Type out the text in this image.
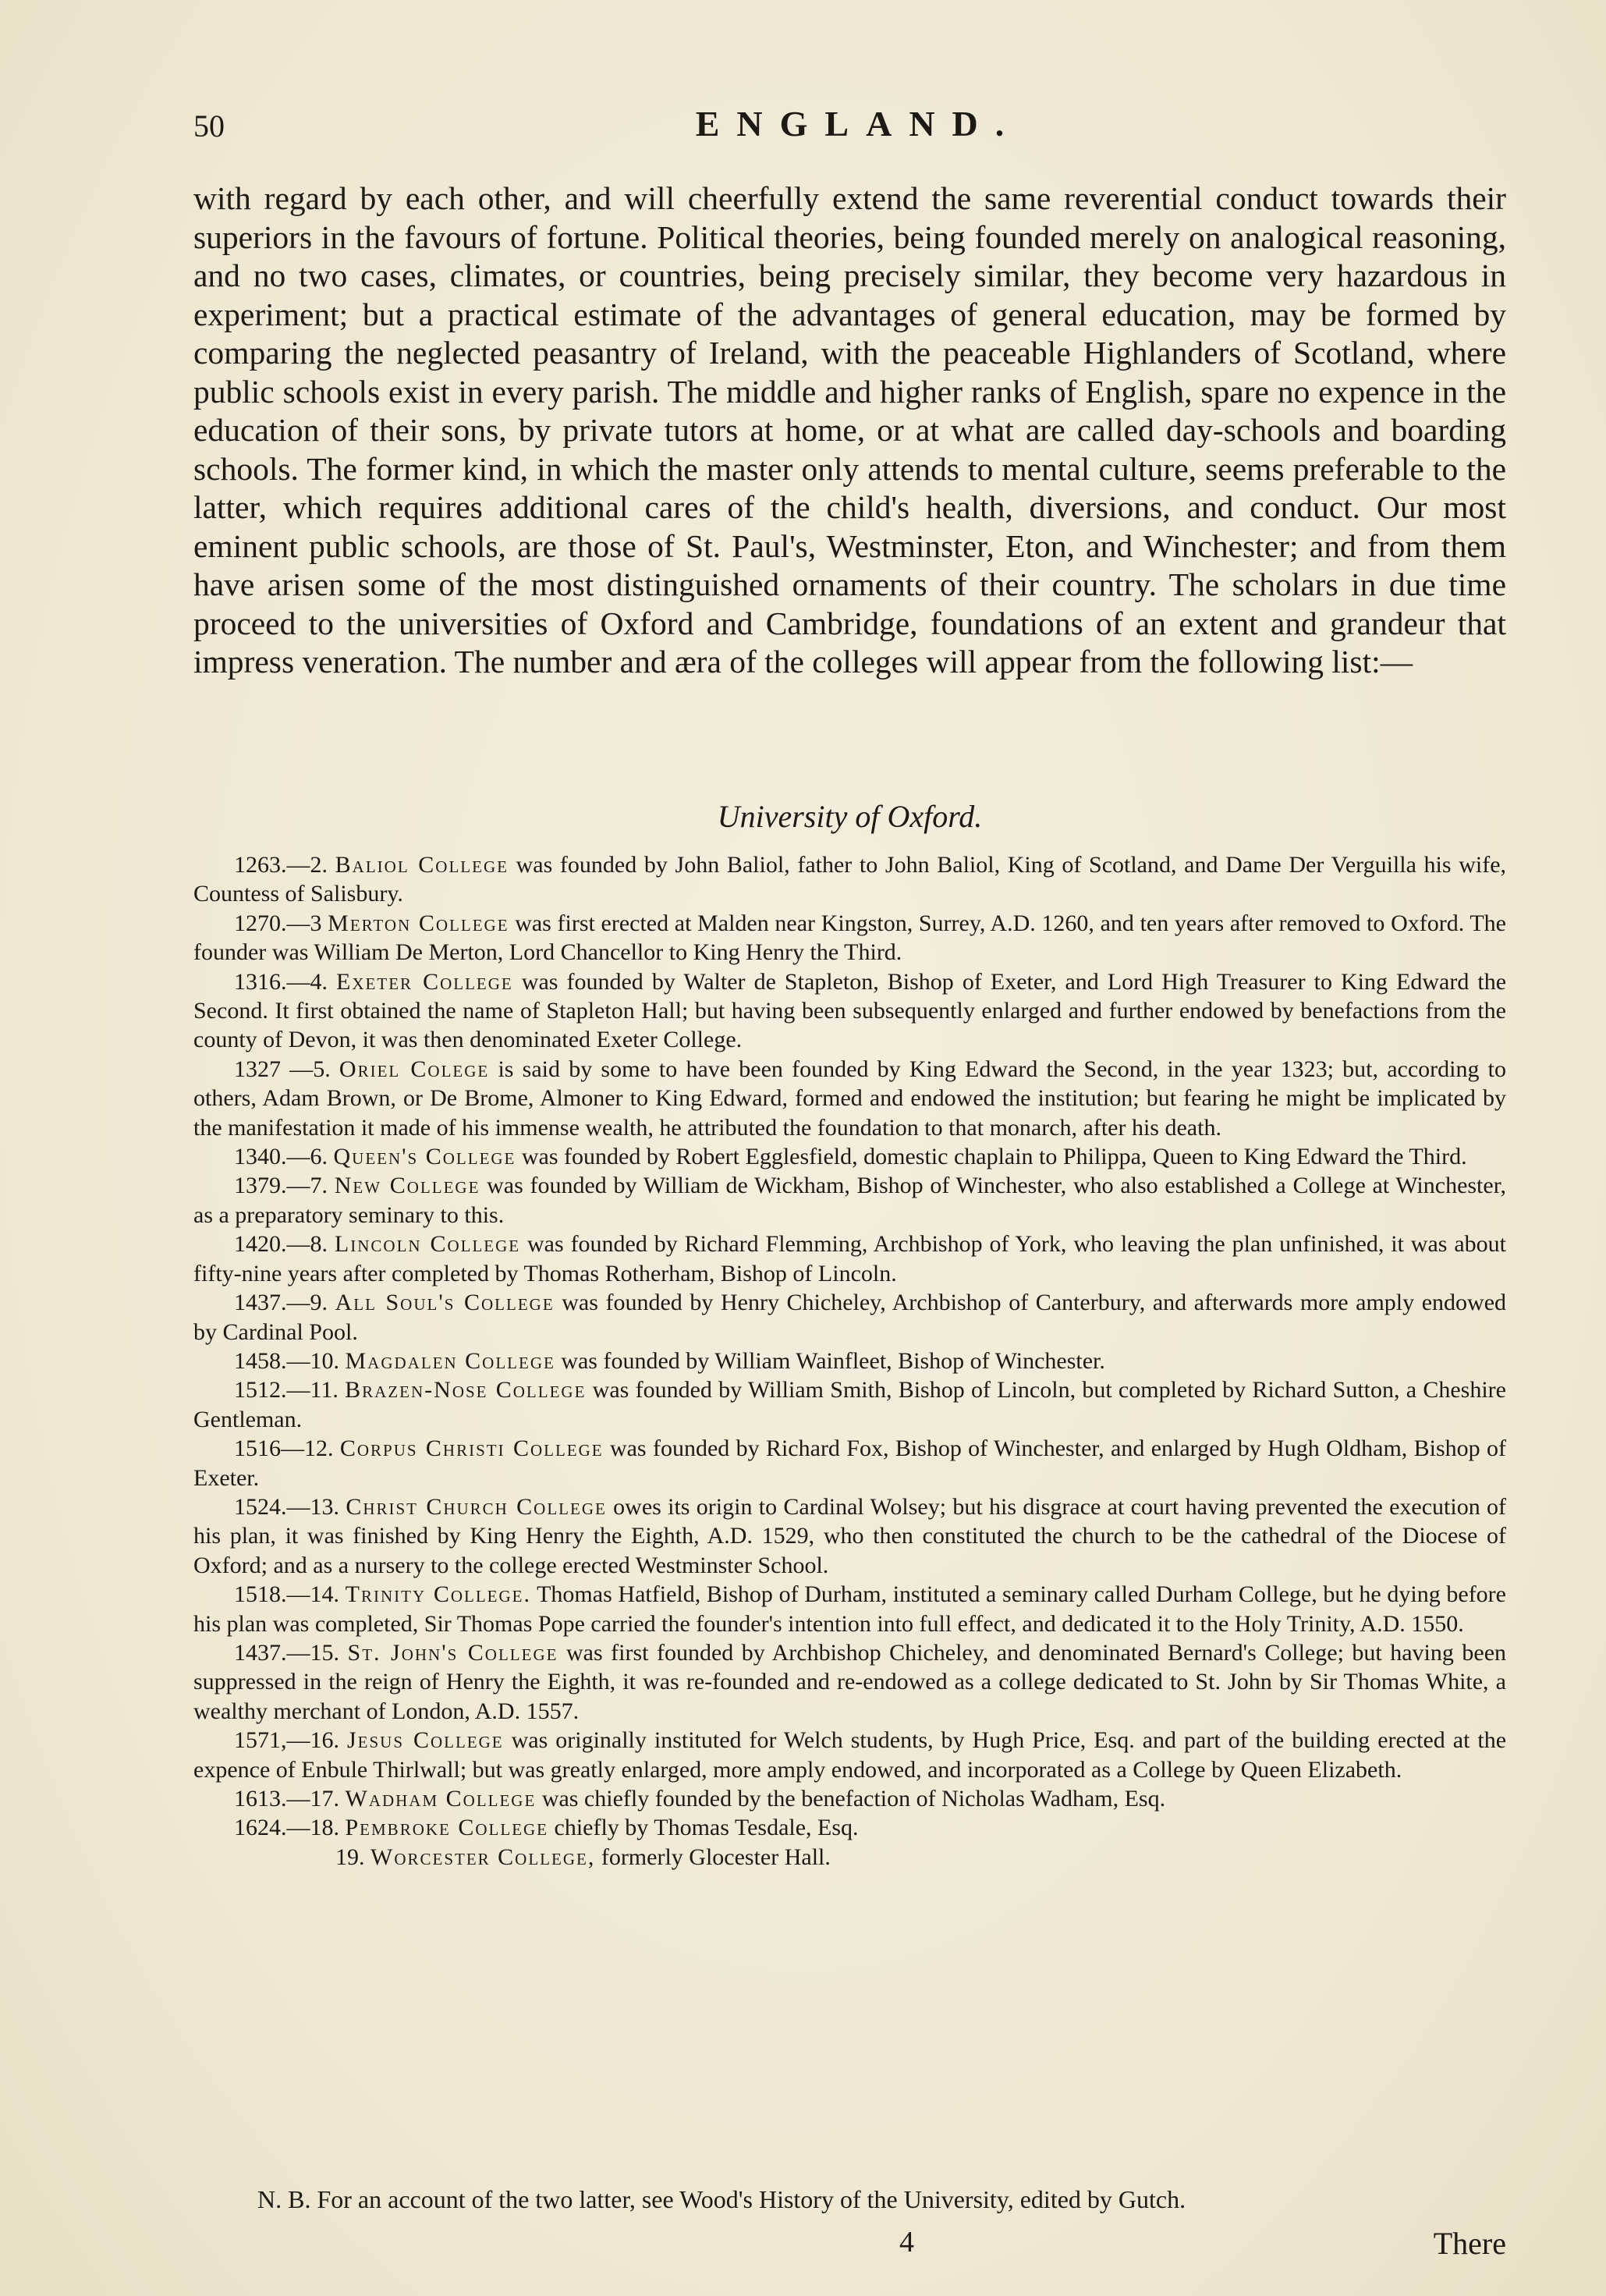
50	ENGLAND.

with regard by each other, and will cheerfully extend the same reverential conduct towards their superiors in the favours of fortune. Political theories, being founded merely on analogical reasoning, and no two cases, climates, or countries, being precisely similar, they become very hazardous in experiment; but a practical estimate of the advantages of general education, may be formed by comparing the neglected peasantry of Ireland, with the peaceable Highlanders of Scotland, where public schools exist in every parish. The middle and higher ranks of English, spare no expence in the education of their sons, by private tutors at home, or at what are called day-schools and boarding schools. The former kind, in which the master only attends to mental culture, seems preferable to the latter, which requires additional cares of the child's health, diversions, and conduct. Our most eminent public schools, are those of St. Paul's, Westminster, Eton, and Winchester; and from them have arisen some of the most distinguished ornaments of their country. The scholars in due time proceed to the universities of Oxford and Cambridge, foundations of an extent and grandeur that impress veneration. The number and æra of the colleges will appear from the following list:—

University of Oxford.

1263.—2. Baliol College was founded by John Baliol, father to John Baliol, King of Scotland, and Dame Der Verguilla his wife, Countess of Salisbury.

1270.—3 Merton College was first erected at Malden near Kingston, Surrey, A.D. 1260, and ten years after removed to Oxford. The founder was William De Merton, Lord Chancellor to King Henry the Third.

1316.—4. Exeter College was founded by Walter de Stapleton, Bishop of Exeter, and Lord High Treasurer to King Edward the Second. It first obtained the name of Stapleton Hall; but having been subsequently enlarged and further endowed by benefactions from the county of Devon, it was then denominated Exeter College.

1327 —5. Oriel Colege is said by some to have been founded by King Edward the Second, in the year 1323; but, according to others, Adam Brown, or De Brome, Almoner to King Edward, formed and endowed the institution; but fearing he might be implicated by the manifestation it made of his immense wealth, he attributed the foundation to that monarch, after his death.

1340.—6. Queen's College was founded by Robert Egglesfield, domestic chaplain to Philippa, Queen to King Edward the Third.

1379.—7. New College was founded by William de Wickham, Bishop of Winchester, who also established a College at Winchester, as a preparatory seminary to this.

1420.—8. Lincoln College was founded by Richard Flemming, Archbishop of York, who leaving the plan unfinished, it was about fifty-nine years after completed by Thomas Rotherham, Bishop of Lincoln.

1437.—9. All Soul's College was founded by Henry Chicheley, Archbishop of Canterbury, and afterwards more amply endowed by Cardinal Pool.

1458.—10. Magdalen College was founded by William Wainfleet, Bishop of Winchester.

1512.—11. Brazen-Nose College was founded by William Smith, Bishop of Lincoln, but completed by Richard Sutton, a Cheshire Gentleman.

1516—12. Corpus Christi College was founded by Richard Fox, Bishop of Winchester, and enlarged by Hugh Oldham, Bishop of Exeter.

1524.—13. Christ Church College owes its origin to Cardinal Wolsey; but his disgrace at court having prevented the execution of his plan, it was finished by King Henry the Eighth, A.D. 1529, who then constituted the church to be the cathedral of the Diocese of Oxford; and as a nursery to the college erected Westminster School.

1518.—14. Trinity College. Thomas Hatfield, Bishop of Durham, instituted a seminary called Durham College, but he dying before his plan was completed, Sir Thomas Pope carried the founder's intention into full effect, and dedicated it to the Holy Trinity, A.D. 1550.

1437.—15. St. John's College was first founded by Archbishop Chicheley, and denominated Bernard's College; but having been suppressed in the reign of Henry the Eighth, it was re-founded and re-endowed as a college dedicated to St. John by Sir Thomas White, a wealthy merchant of London, A.D. 1557.

1571,—16. Jesus College was originally instituted for Welch students, by Hugh Price, Esq. and part of the building erected at the expence of Enbule Thirlwall; but was greatly enlarged, more amply endowed, and incorporated as a College by Queen Elizabeth.

1613.—17. Wadham College was chiefly founded by the benefaction of Nicholas Wadham, Esq.

1624.—18. Pembroke College chiefly by Thomas Tesdale, Esq.

19. Worcester College, formerly Glocester Hall.

N. B. For an account of the two latter, see Wood's History of the University, edited by Gutch.
4	There
